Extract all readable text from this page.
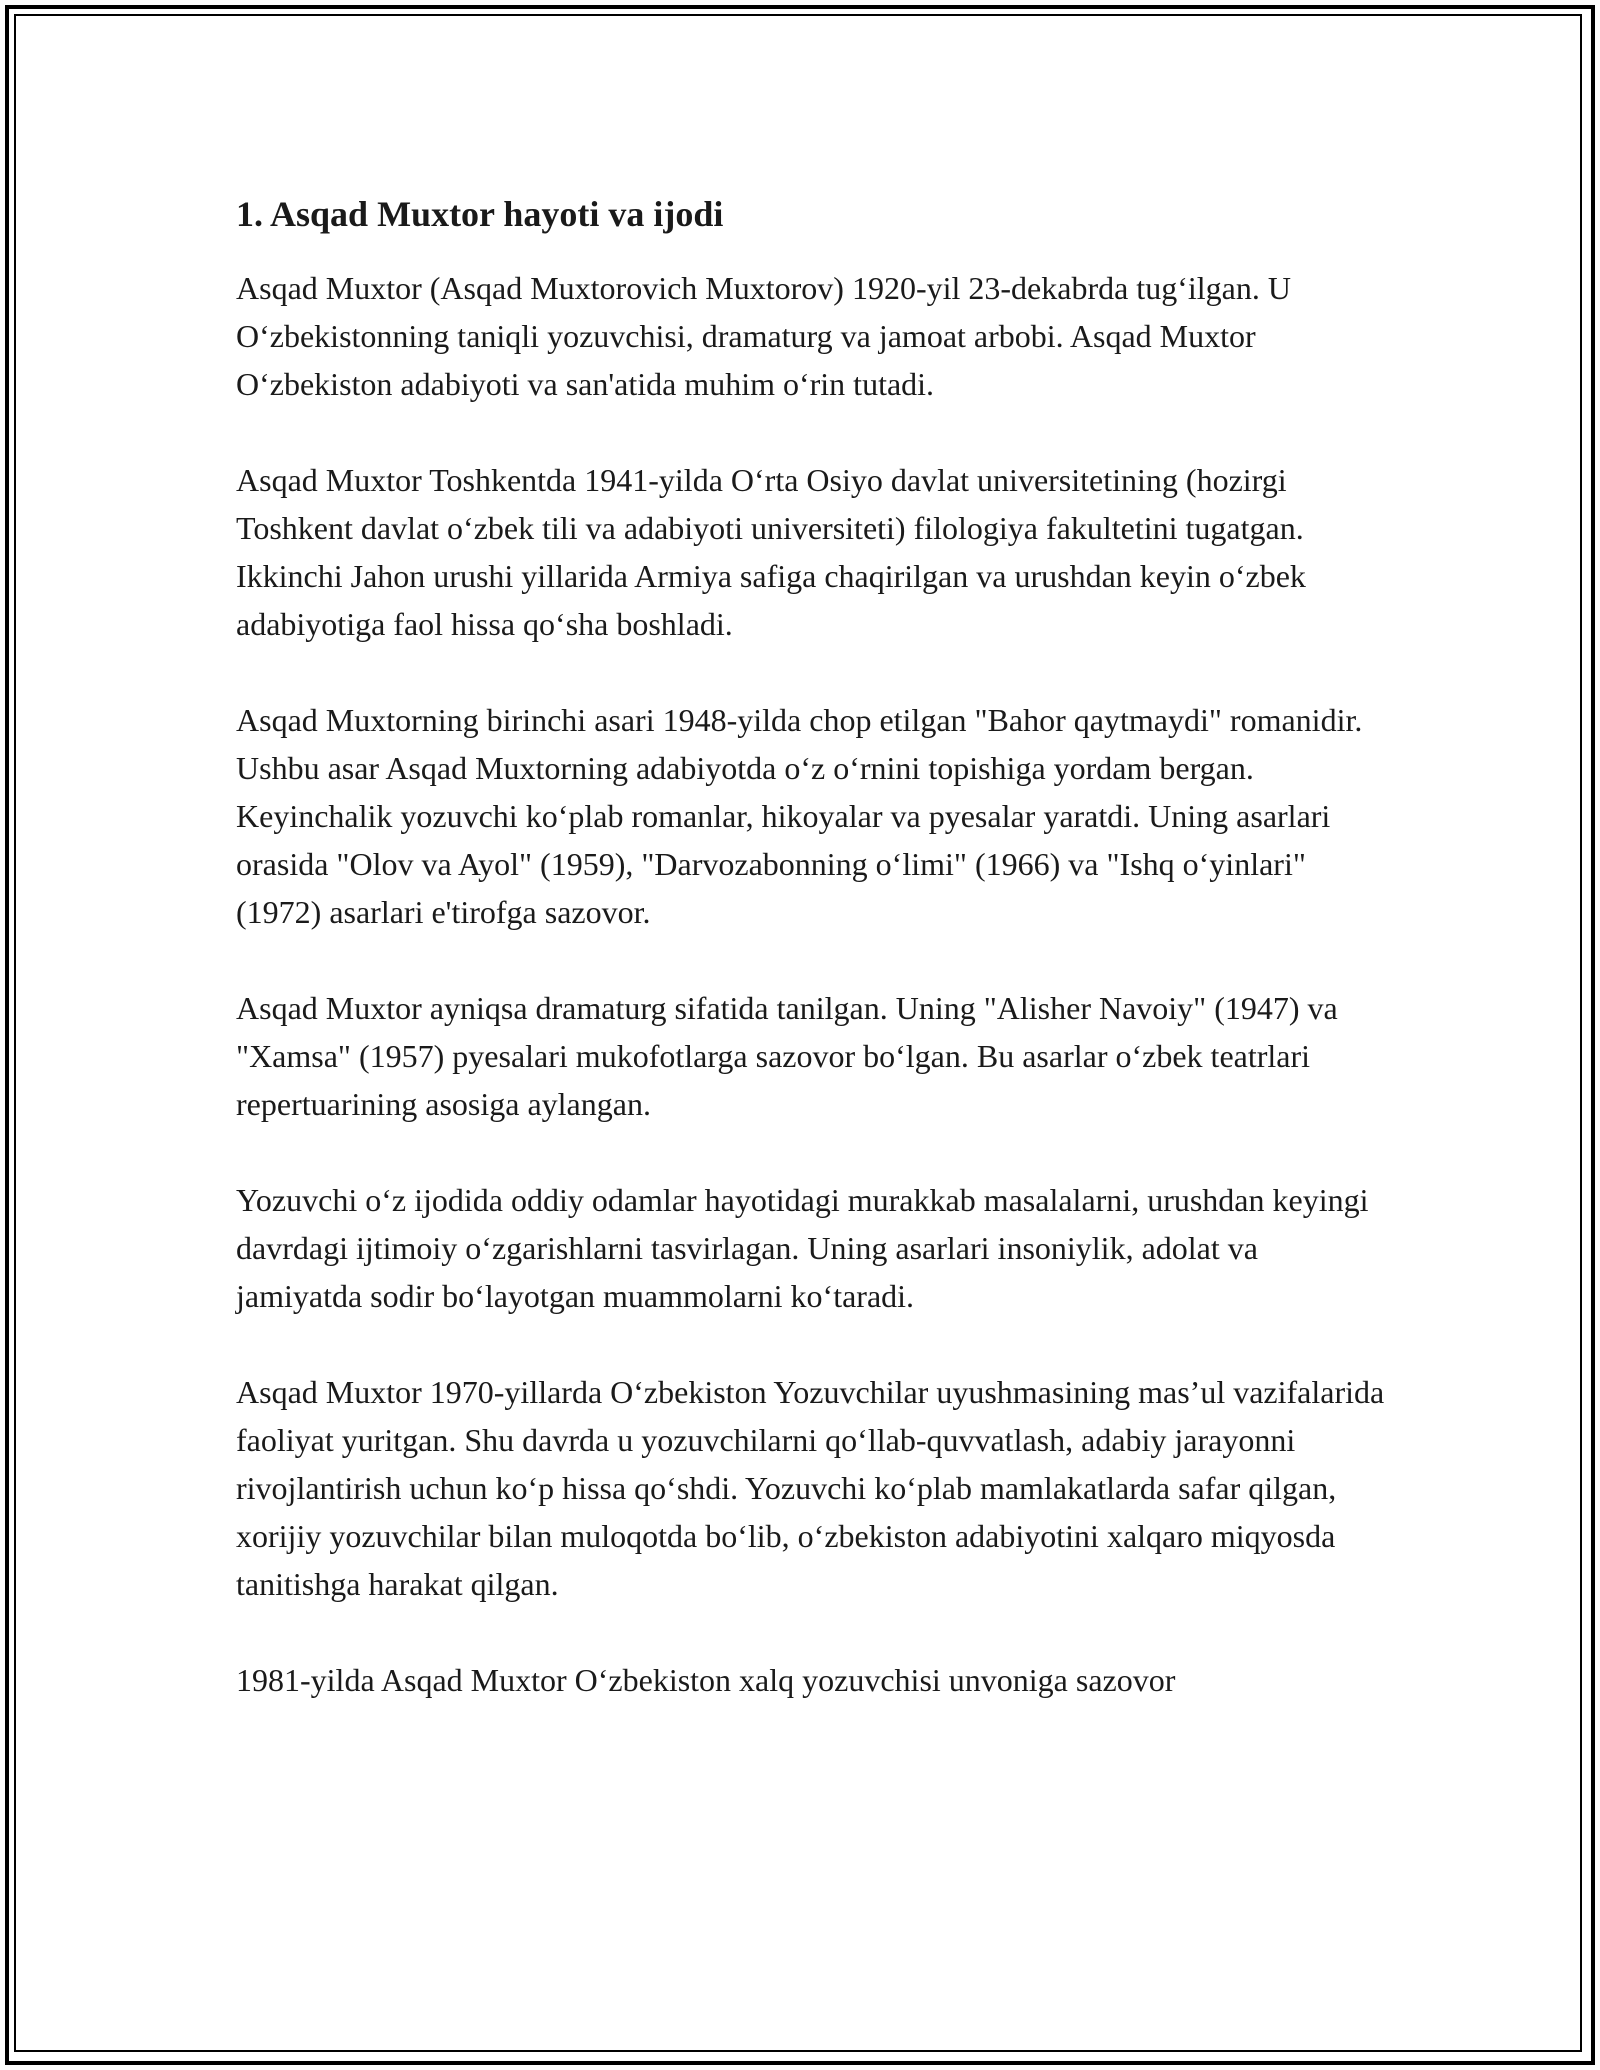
1. Asqad Muxtor hayoti va ijodi

Asqad Muxtor (Asqad Muxtorovich Muxtorov) 1920-yil 23-dekabrda tug‘ilgan. U O‘zbekistonning taniqli yozuvchisi, dramaturg va jamoat arbobi. Asqad Muxtor O‘zbekiston adabiyoti va san'atida muhim o‘rin tutadi.

Asqad Muxtor Toshkentda 1941-yilda O‘rta Osiyo davlat universitetining (hozirgi Toshkent davlat o‘zbek tili va adabiyoti universiteti) filologiya fakultetini tugatgan. Ikkinchi Jahon urushi yillarida Armiya safiga chaqirilgan va urushdan keyin o‘zbek adabiyotiga faol hissa qo‘sha boshladi.

Asqad Muxtorning birinchi asari 1948-yilda chop etilgan "Bahor qaytmaydi" romanidir. Ushbu asar Asqad Muxtorning adabiyotda o‘z o‘rnini topishiga yordam bergan. Keyinchalik yozuvchi ko‘plab romanlar, hikoyalar va pyesalar yaratdi. Uning asarlari orasida "Olov va Ayol" (1959), "Darvozabonning o‘limi" (1966) va "Ishq o‘yinlari" (1972) asarlari e'tirofga sazovor.

Asqad Muxtor ayniqsa dramaturg sifatida tanilgan. Uning "Alisher Navoiy" (1947) va "Xamsa" (1957) pyesalari mukofotlarga sazovor bo‘lgan. Bu asarlar o‘zbek teatrlari repertuarining asosiga aylangan.

Yozuvchi o‘z ijodida oddiy odamlar hayotidagi murakkab masalalarni, urushdan keyingi davrdagi ijtimoiy o‘zgarishlarni tasvirlagan. Uning asarlari insoniylik, adolat va jamiyatda sodir bo‘layotgan muammolarni ko‘taradi.

Asqad Muxtor 1970-yillarda O‘zbekiston Yozuvchilar uyushmasining mas’ul vazifalarida faoliyat yuritgan. Shu davrda u yozuvchilarni qo‘llab-quvvatlash, adabiy jarayonni rivojlantirish uchun ko‘p hissa qo‘shdi. Yozuvchi ko‘plab mamlakatlarda safar qilgan, xorijiy yozuvchilar bilan muloqotda bo‘lib, o‘zbekiston adabiyotini xalqaro miqyosda tanitishga harakat qilgan.

1981-yilda Asqad Muxtor O‘zbekiston xalq yozuvchisi unvoniga sazovor
